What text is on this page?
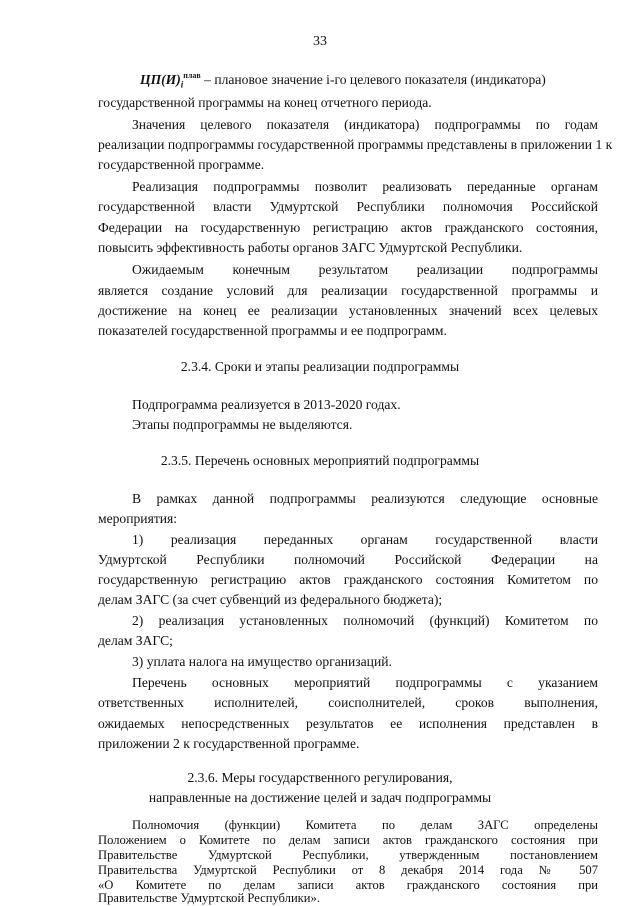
33
$ЦП(И)_i^{плав}$ – плановое значение i-го целевого показателя (индикатора)
государственной программы на конец отчетного периода.
Значения целевого показателя (индикатора) подпрограммы по годам
реализации подпрограммы государственной программы представлены в приложении 1 к
государственной программе.
Реализация подпрограммы позволит реализовать переданные органам
государственной власти Удмуртской Республики полномочия Российской
Федерации на государственную регистрацию актов гражданского состояния,
повысить эффективность работы органов ЗАГС Удмуртской Республики.
Ожидаемым конечным результатом реализации подпрограммы
является создание условий для реализации государственной программы и
достижение на конец ее реализации установленных значений всех целевых
показателей государственной программы и ее подпрограмм.
2.3.4. Сроки и этапы реализации подпрограммы
Подпрограмма реализуется в 2013-2020 годах.
Этапы подпрограммы не выделяются.
2.3.5. Перечень основных мероприятий подпрограммы
В рамках данной подпрограммы реализуются следующие основные
мероприятия:
1) реализация переданных органам государственной власти
Удмуртской Республики полномочий Российской Федерации на
государственную регистрацию актов гражданского состояния Комитетом по
делам ЗАГС (за счет субвенций из федерального бюджета);
2) реализация установленных полномочий (функций) Комитетом по
делам ЗАГС;
3) уплата налога на имущество организаций.
Перечень основных мероприятий подпрограммы с указанием
ответственных исполнителей, соисполнителей, сроков выполнения,
ожидаемых непосредственных результатов ее исполнения представлен в
приложении 2 к государственной программе.
2.3.6. Меры государственного регулирования,
направленные на достижение целей и задач подпрограммы
Полномочия (функции) Комитета по делам ЗАГС определены
Положением о Комитете по делам записи актов гражданского состояния при
Правительстве Удмуртской Республики, утвержденным постановлением
Правительства Удмуртской Республики от 8 декабря 2014 года № 507
«О Комитете по делам записи актов гражданского состояния при
Правительстве Удмуртской Республики».
